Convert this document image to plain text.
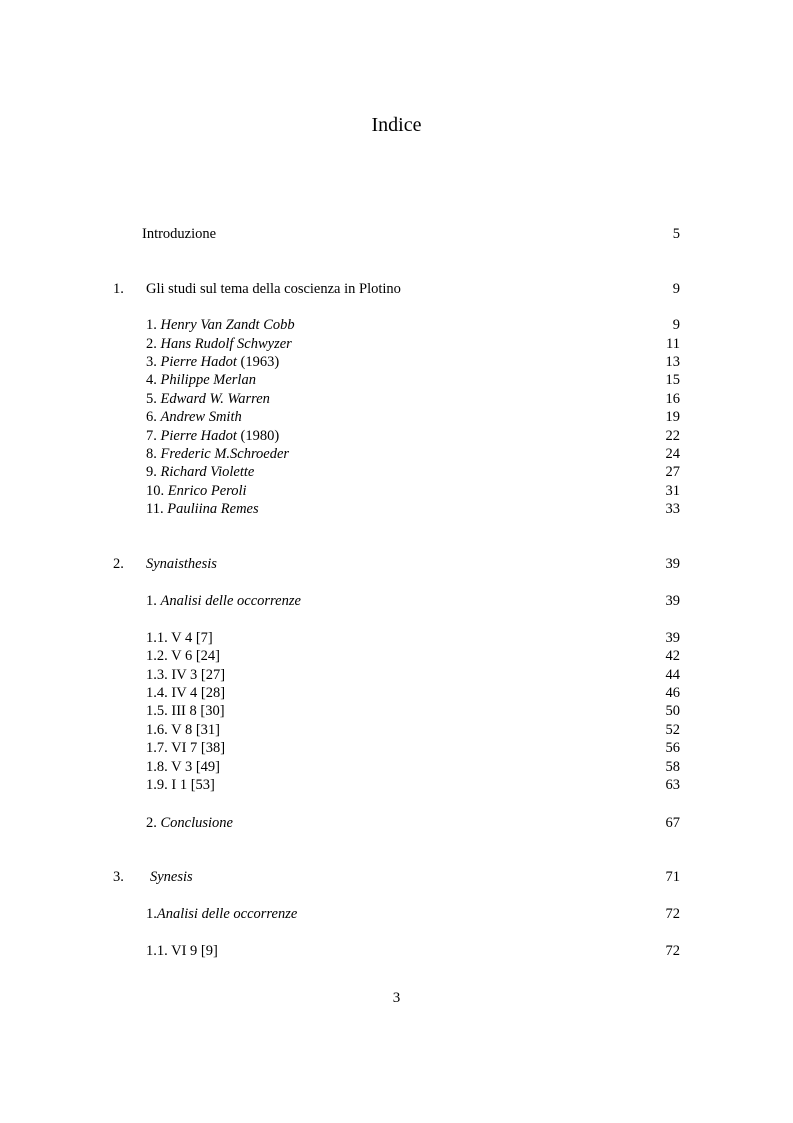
Indice
Introduzione	5
1. Gli studi sul tema della coscienza in Plotino	9
1. Henry Van Zandt Cobb	9
2. Hans Rudolf Schwyzer	11
3. Pierre Hadot (1963)	13
4. Philippe Merlan	15
5. Edward W. Warren	16
6. Andrew Smith	19
7. Pierre Hadot (1980)	22
8. Frederic M.Schroeder	24
9. Richard Violette	27
10. Enrico Peroli	31
11. Pauliina Remes	33
2. Synaisthesis	39
1. Analisi delle occorrenze	39
1.1. V 4 [7]	39
1.2. V 6 [24]	42
1.3. IV 3 [27]	44
1.4. IV 4 [28]	46
1.5. III 8 [30]	50
1.6. V 8 [31]	52
1.7. VI 7 [38]	56
1.8. V 3 [49]	58
1.9. I 1 [53]	63
2. Conclusione	67
3. Synesis	71
1.Analisi delle occorrenze	72
1.1. VI 9 [9]	72
3
